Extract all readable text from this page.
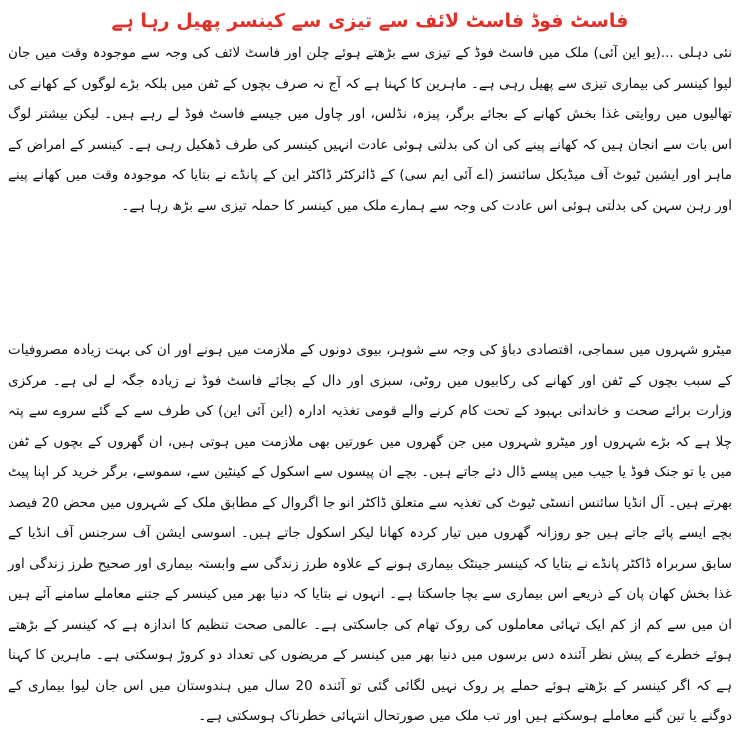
فاسٹ فوڈ فاسٹ لائف سے تیزی سے کینسر پھیل رہا ہے

نئی دہلی ...(یو این آئی) ملک میں فاسٹ فوڈ کے تیزی سے بڑھتے ہوئے چلن اور فاسٹ لائف کی وجہ سے موجودہ وقت میں جان لیوا کینسر کی بیماری تیزی سے پھیل رہی ہے۔ ماہرین کا کہنا ہے کہ آج نہ صرف بچوں کے ٹفن میں بلکہ بڑے لوگوں کے کھانے کی تھالیوں میں روایتی غذا بخش کھانے کے بجائے برگر، پیزہ، نڈلس، اور چاول میں جیسے فاسٹ فوڈ لے رہے ہیں۔ لیکن بیشتر لوگ اس بات سے انجان ہیں کہ کھانے پینے کی ان کی بدلتی ہوئی عادت انہیں کینسر کی طرف ڈھکیل رہی ہے۔ کینسر کے امراض کے ماہر اور ایشین ٹیوٹ آف میڈیکل سائنسز (اے آئی ایم سی) کے ڈائرکٹر ڈاکٹر این کے پانڈے نے بتایا کہ موجودہ وقت میں کھانے پینے اور رہن سہن کی بدلتی ہوئی اس عادت کی وجہ سے ہمارے ملک میں کینسر کا حملہ تیزی سے بڑھ رہا ہے۔

میٹرو شہروں میں سماجی، اقتصادی دباؤ کی وجہ سے شوہر، بیوی دونوں کے ملازمت میں ہونے اور ان کی بہت زیادہ مصروفیات کے سبب بچوں کے ٹفن اور کھانے کی رکابیوں میں روٹی، سبزی اور دال کے بجائے فاسٹ فوڈ نے زیادہ جگہ لے لی ہے۔ مرکزی وزارت برائے صحت و خاندانی بہبود کے تحت کام کرنے والے قومی تغذیہ ادارہ (این آئی این) کی طرف سے کے گئے سروے سے پتہ چلا ہے کہ بڑے شہروں اور میٹرو شہروں میں جن گھروں میں عورتیں بھی ملازمت میں ہوتی ہیں، ان گھروں کے بچوں کے ٹفن میں یا تو جنک فوڈ یا جیب میں پیسے ڈال دئے جاتے ہیں۔ بچے ان پیسوں سے اسکول کے کینٹین سے، سموسے، برگر خرید کر اپنا پیٹ بھرتے ہیں۔ آل انڈیا سائنس انسٹی ٹیوٹ کی تغذیہ سے متعلق ڈاکٹر انو جا اگروال کے مطابق ملک کے شہروں میں محض 20 فیصد بچے ایسے پائے جاتے ہیں جو روزانہ گھروں میں تیار کردہ کھانا لیکر اسکول جاتے ہیں۔ اسوسی ایشن آف سرجنس آف انڈیا کے سابق سربراہ ڈاکٹر پانڈے نے بتایا کہ کینسر جینٹک بیماری ہونے کے علاوہ طرز زندگی سے وابستہ بیماری اور صحیح طرز زندگی اور غذا بخش کھان پان کے ذریعے اس بیماری سے بچا جاسکتا ہے۔ انہوں نے بتایا کہ دنیا بھر میں کینسر کے جتنے معاملے سامنے آئے ہیں ان میں سے کم از کم ایک تہائی معاملوں کی روک تھام کی جاسکتی ہے۔ عالمی صحت تنظیم کا اندازہ ہے کہ کینسر کے بڑھتے ہوئے خطرے کے پیش نظر آئندہ دس برسوں میں دنیا بھر میں کینسر کے مریضوں کی تعداد دو کروڑ ہوسکتی ہے۔ ماہرین کا کہنا ہے کہ اگر کینسر کے بڑھتے ہوئے حملے پر روک نہیں لگائی گئی تو آئندہ 20 سال میں ہندوستان میں اس جان لیوا بیماری کے دوگنے یا تین گنے معاملے ہوسکتے ہیں اور تب ملک میں صورتحال انتہائی خطرناک ہوسکتی ہے۔
